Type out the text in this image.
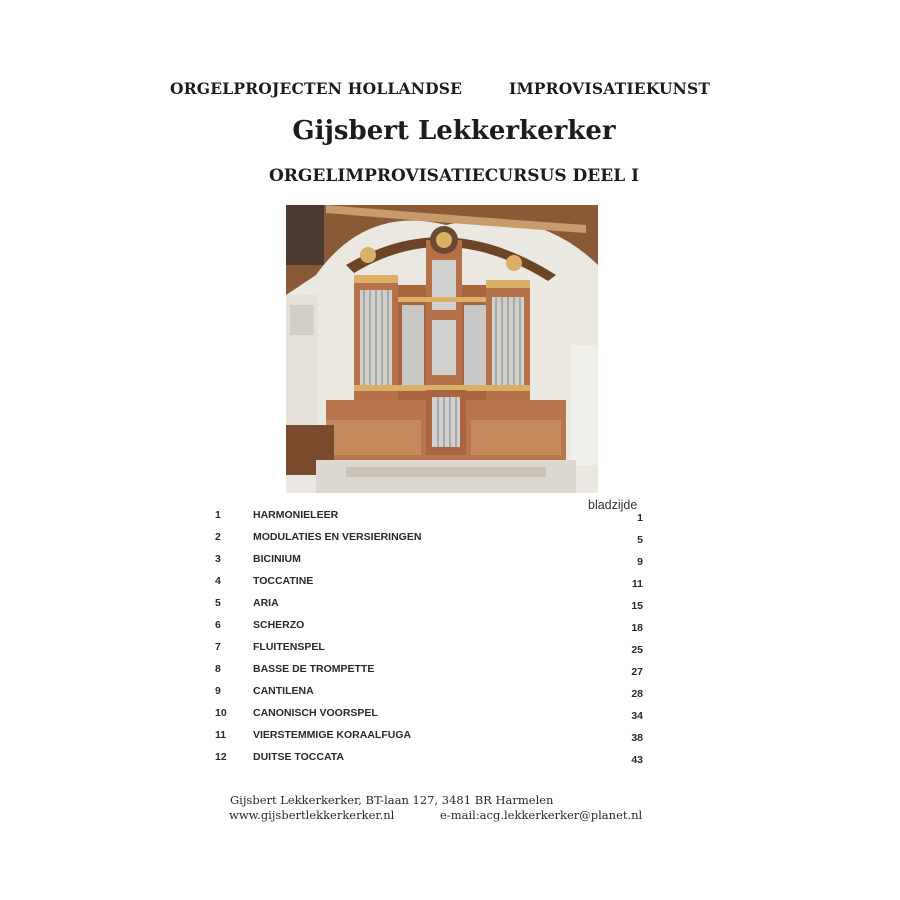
ORGELPROJECTEN HOLLANDSE	IMPROVISATIEKUNST
Gijsbert Lekkerkerker
ORGELIMPROVISATIECURSUS DEEL I
bladzijde
1	HARMONIELEER	1
2	MODULATIES EN VERSIERINGEN	5
3	BICINIUM	9
4	TOCCATINE	11
5	ARIA	15
6	SCHERZO	18
7	FLUITENSPEL	25
8	BASSE DE TROMPETTE	27
9	CANTILENA	28
10	CANONISCH VOORSPEL	34
11	VIERSTEMMIGE KORAALFUGA	38
12	DUITSE TOCCATA	43
Gijsbert Lekkerkerker, BT-laan 127, 3481 BR Harmelen
www.gijsbertlekkerkerker.nl	e-mail:acg.lekkerkerker@planet.nl
